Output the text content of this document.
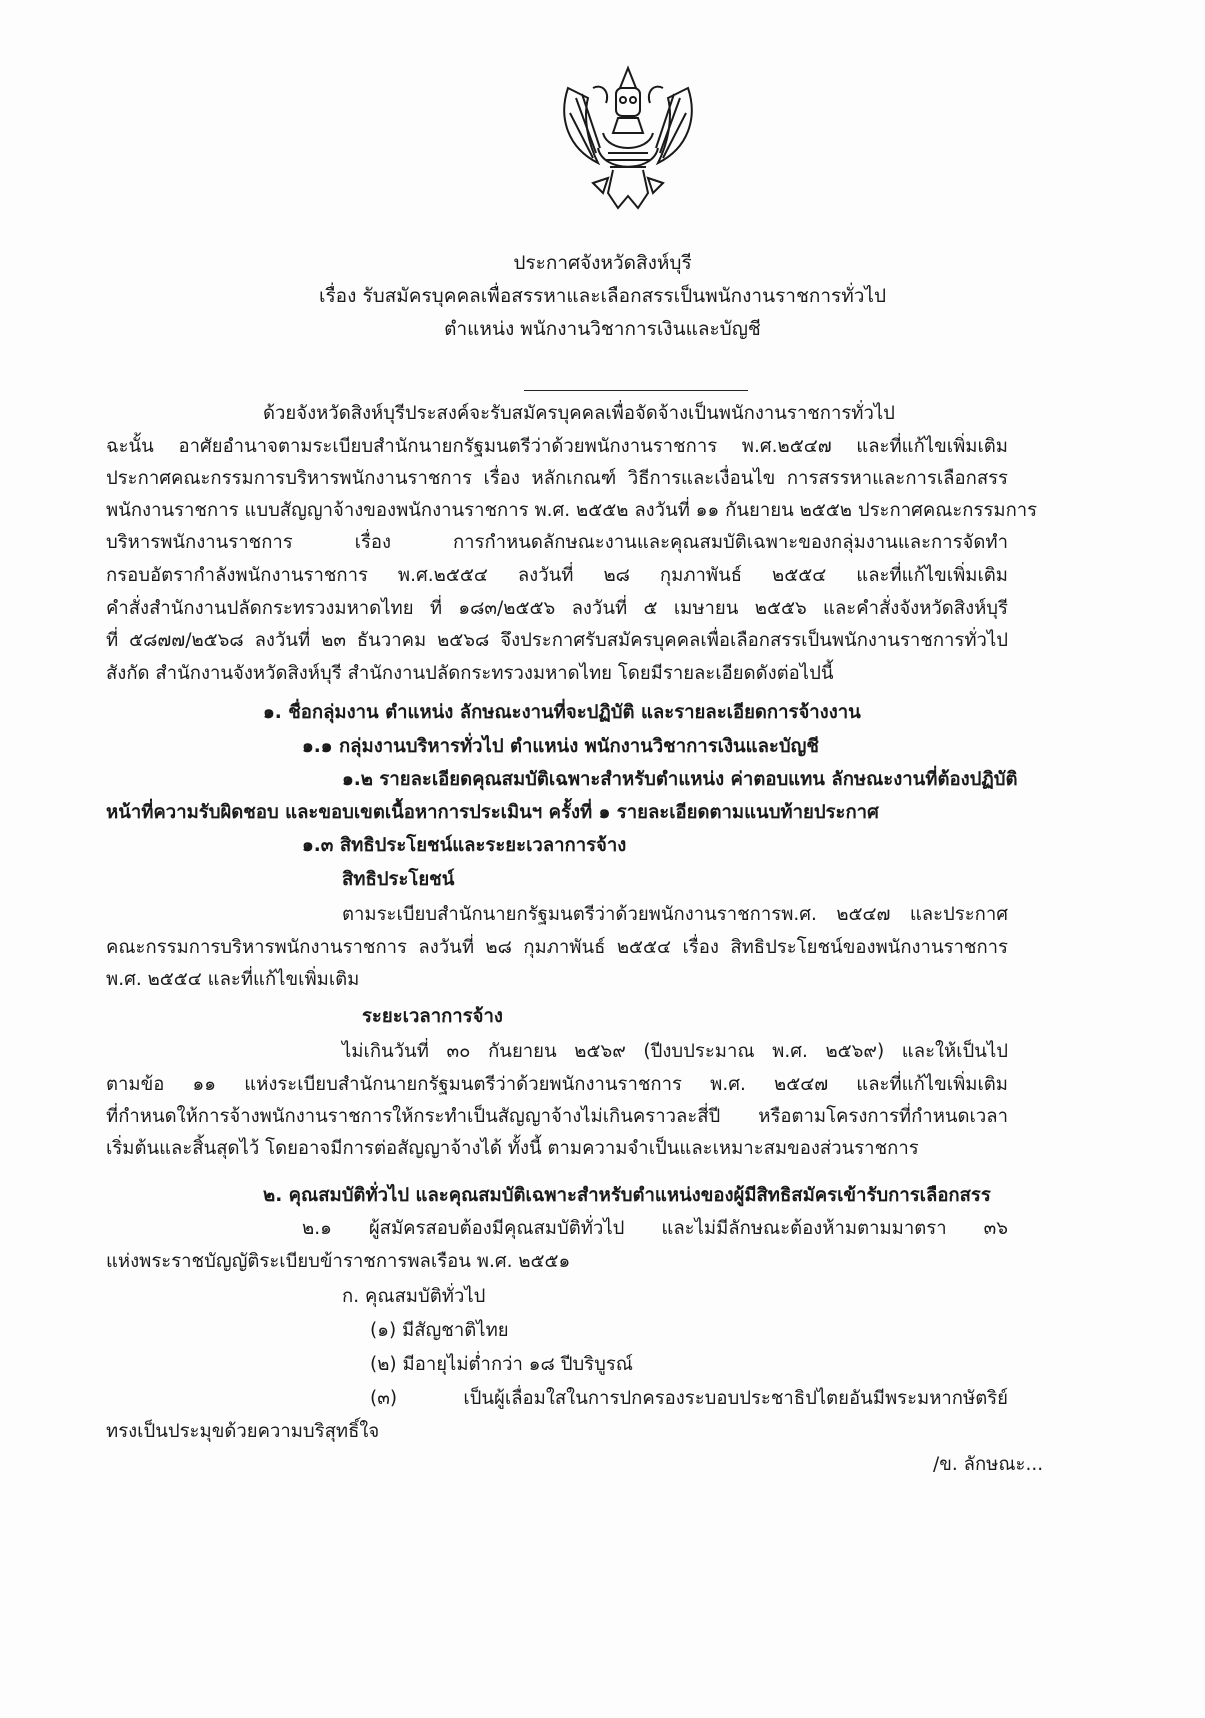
ประกาศจังหวัดสิงห์บุรี
เรื่อง รับสมัครบุคคลเพื่อสรรหาและเลือกสรรเป็นพนักงานราชการทั่วไป
ตำแหน่ง พนักงานวิชาการเงินและบัญชี
ด้วยจังหวัดสิงห์บุรีประสงค์จะรับสมัครบุคคลเพื่อจัดจ้างเป็นพนักงานราชการทั่วไป
ฉะนั้น อาศัยอำนาจตามระเบียบสำนักนายกรัฐมนตรีว่าด้วยพนักงานราชการ พ.ศ.๒๕๔๗ และที่แก้ไขเพิ่มเติม
ประกาศคณะกรรมการบริหารพนักงานราชการ เรื่อง หลักเกณฑ์ วิธีการและเงื่อนไข การสรรหาและการเลือกสรร
พนักงานราชการ แบบสัญญาจ้างของพนักงานราชการ พ.ศ. ๒๕๕๒ ลงวันที่ ๑๑ กันยายน ๒๕๕๒ ประกาศคณะกรรมการ
บริหารพนักงานราชการ เรื่อง การกำหนดลักษณะงานและคุณสมบัติเฉพาะของกลุ่มงานและการจัดทำ
กรอบอัตรากำลังพนักงานราชการ พ.ศ.๒๕๕๔ ลงวันที่ ๒๘ กุมภาพันธ์ ๒๕๕๔ และที่แก้ไขเพิ่มเติม
คำสั่งสำนักงานปลัดกระทรวงมหาดไทย ที่ ๑๘๓/๒๕๕๖ ลงวันที่ ๕ เมษายน ๒๕๕๖ และคำสั่งจังหวัดสิงห์บุรี
ที่ ๕๘๗๗/๒๕๖๘ ลงวันที่ ๒๓ ธันวาคม ๒๕๖๘ จึงประกาศรับสมัครบุคคลเพื่อเลือกสรรเป็นพนักงานราชการทั่วไป
สังกัด สำนักงานจังหวัดสิงห์บุรี สำนักงานปลัดกระทรวงมหาดไทย โดยมีรายละเอียดดังต่อไปนี้
๑. ชื่อกลุ่มงาน ตำแหน่ง ลักษณะงานที่จะปฏิบัติ และรายละเอียดการจ้างงาน
๑.๑ กลุ่มงานบริหารทั่วไป ตำแหน่ง พนักงานวิชาการเงินและบัญชี
๑.๒ รายละเอียดคุณสมบัติเฉพาะสำหรับตำแหน่ง ค่าตอบแทน ลักษณะงานที่ต้องปฏิบัติ
หน้าที่ความรับผิดชอบ และขอบเขตเนื้อหาการประเมินฯ ครั้งที่ ๑ รายละเอียดตามแนบท้ายประกาศ
๑.๓ สิทธิประโยชน์และระยะเวลาการจ้าง
สิทธิประโยชน์
ตามระเบียบสำนักนายกรัฐมนตรีว่าด้วยพนักงานราชการพ.ศ. ๒๕๔๗ และประกาศ
คณะกรรมการบริหารพนักงานราชการ ลงวันที่ ๒๘ กุมภาพันธ์ ๒๕๕๔ เรื่อง สิทธิประโยชน์ของพนักงานราชการ
พ.ศ. ๒๕๕๔ และที่แก้ไขเพิ่มเติม
ระยะเวลาการจ้าง
ไม่เกินวันที่ ๓๐ กันยายน ๒๕๖๙ (ปีงบประมาณ พ.ศ. ๒๕๖๙) และให้เป็นไป
ตามข้อ ๑๑ แห่งระเบียบสำนักนายกรัฐมนตรีว่าด้วยพนักงานราชการ พ.ศ. ๒๕๔๗ และที่แก้ไขเพิ่มเติม
ที่กำหนดให้การจ้างพนักงานราชการให้กระทำเป็นสัญญาจ้างไม่เกินคราวละสี่ปี หรือตามโครงการที่กำหนดเวลา
เริ่มต้นและสิ้นสุดไว้ โดยอาจมีการต่อสัญญาจ้างได้ ทั้งนี้ ตามความจำเป็นและเหมาะสมของส่วนราชการ
๒. คุณสมบัติทั่วไป และคุณสมบัติเฉพาะสำหรับตำแหน่งของผู้มีสิทธิสมัครเข้ารับการเลือกสรร
๒.๑ ผู้สมัครสอบต้องมีคุณสมบัติทั่วไป และไม่มีลักษณะต้องห้ามตามมาตรา ๓๖
แห่งพระราชบัญญัติระเบียบข้าราชการพลเรือน พ.ศ. ๒๕๕๑
ก. คุณสมบัติทั่วไป
(๑) มีสัญชาติไทย
(๒) มีอายุไม่ต่ำกว่า ๑๘ ปีบริบูรณ์
(๓) เป็นผู้เลื่อมใสในการปกครองระบอบประชาธิปไตยอันมีพระมหากษัตริย์
ทรงเป็นประมุขด้วยความบริสุทธิ์ใจ
/ข. ลักษณะ...
